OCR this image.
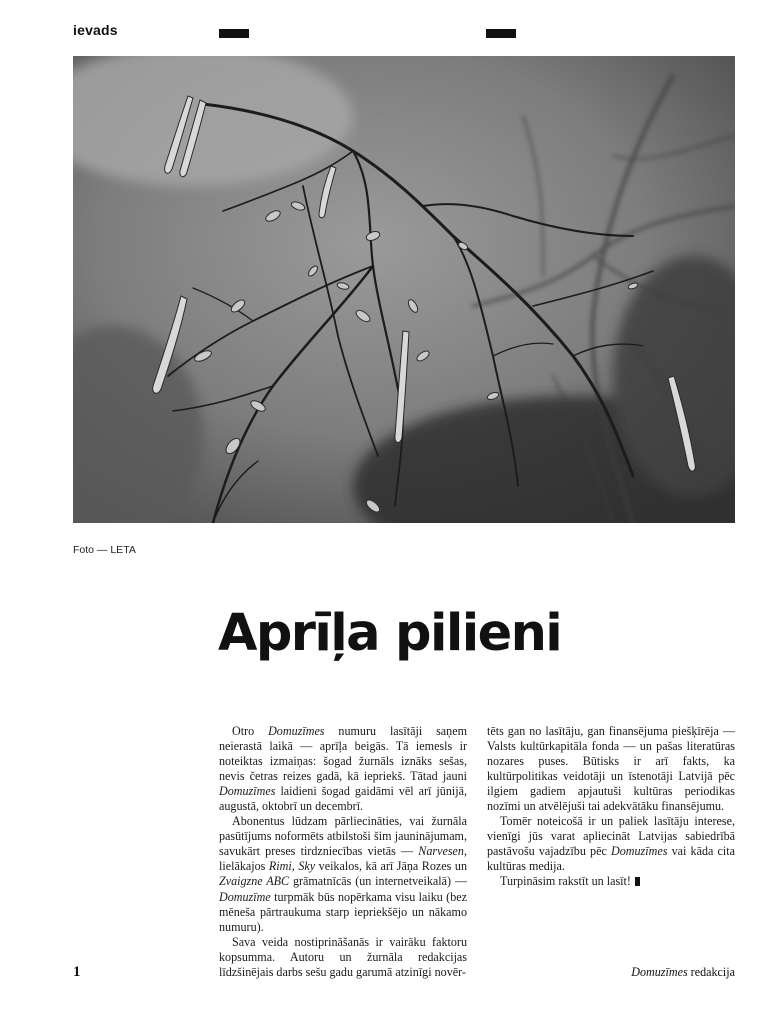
ievads
Foto — LETA
Aprīļa pilieni

Otro Domuzīmes numuru lasītāji saņem neierastā laikā — aprīļa beigās. Tā iemesls ir noteiktas izmaiņas: šogad žurnāls iznāks sešas, nevis četras reizes gadā, kā iepriekš. Tātad jauni Domuzīmes laidieni šogad gaidāmi vēl arī jūnijā, augustā, oktobrī un decembrī.

Abonentus lūdzam pārliecināties, vai žurnāla pasūtījums noformēts atbilstoši šim jauninājumam, savukārt preses tirdzniecības vietās — Narvesen, lielākajos Rimi, Sky veikalos, kā arī Jāņa Rozes un Zvaigzne ABC grāmatnīcās (un internetveikalā) — Domuzīme turpmāk būs nopērkama visu laiku (bez mēneša pārtraukuma starp iepriekšējo un nākamo numuru).

Sava veida nostiprināšanās ir vairāku faktoru kopsumma. Autoru un žurnāla redakcijas līdzšinējais darbs sešu gadu garumā atzinīgi novēr-

tēts gan no lasītāju, gan finansējuma piešķīrēja — Valsts kultūrkapitāla fonda — un pašas literatūras nozares puses. Būtisks ir arī fakts, ka kultūrpolitikas veidotāji un īstenotāji Latvijā pēc ilgiem gadiem apjautuši kultūras periodikas nozīmi un atvēlējuši tai adekvātāku finansējumu.

Tomēr noteicošā ir un paliek lasītāju interese, vienīgi jūs varat apliecināt Latvijas sabiedrībā pastāvošu vajadzību pēc Domuzīmes vai kāda cita kultūras medija.

Turpināsim rakstīt un lasīt!

1	Domuzīmes redakcija
